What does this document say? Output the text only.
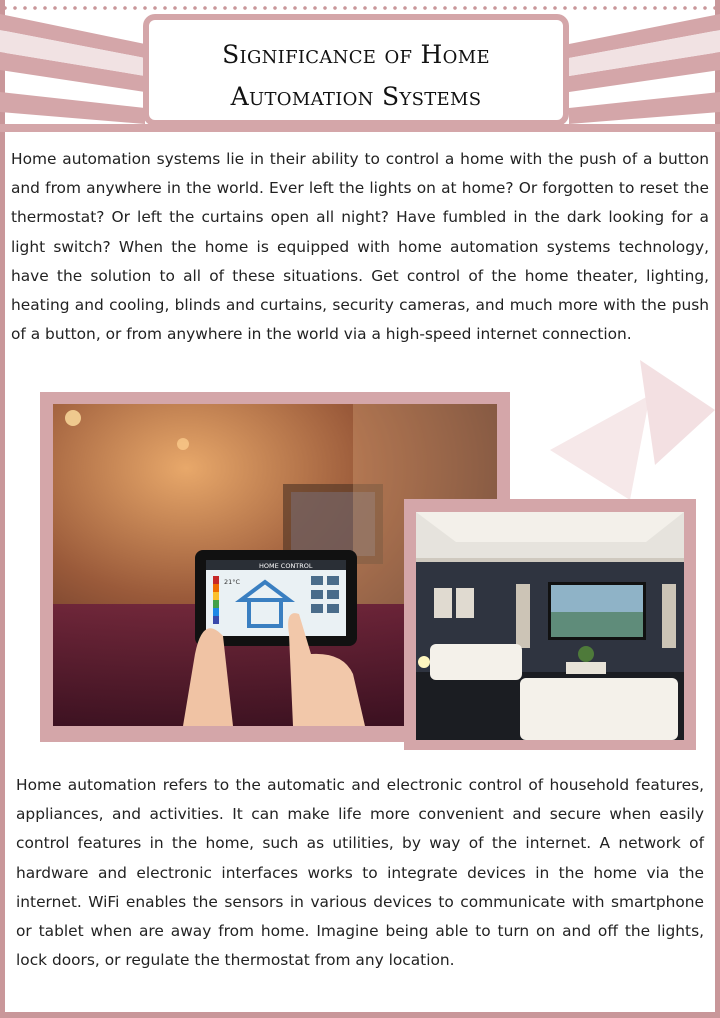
Significance of Home
Automation Systems

Home automation systems lie in their ability to control a home with the push of a button and from anywhere in the world. Ever left the lights on at home? Or forgotten to reset the thermostat? Or left the curtains open all night? Have fumbled in the dark looking for a light switch? When the home is equipped with home automation systems technology, have the solution to all of these situations. Get control of the home theater, lighting, heating and cooling, blinds and curtains, security cameras, and much more with the push of a button, or from anywhere in the world via a high-speed internet connection.

HOME CONTROL
21°C

Home automation refers to the automatic and electronic control of household features, appliances, and activities. It can make life more convenient and secure when easily control features in the home, such as utilities, by way of the internet. A network of hardware and electronic interfaces works to integrate devices in the home via the internet. WiFi enables the sensors in various devices to communicate with smartphone or tablet when are away from home. Imagine being able to turn on and off the lights, lock doors, or regulate the thermostat from any location.
